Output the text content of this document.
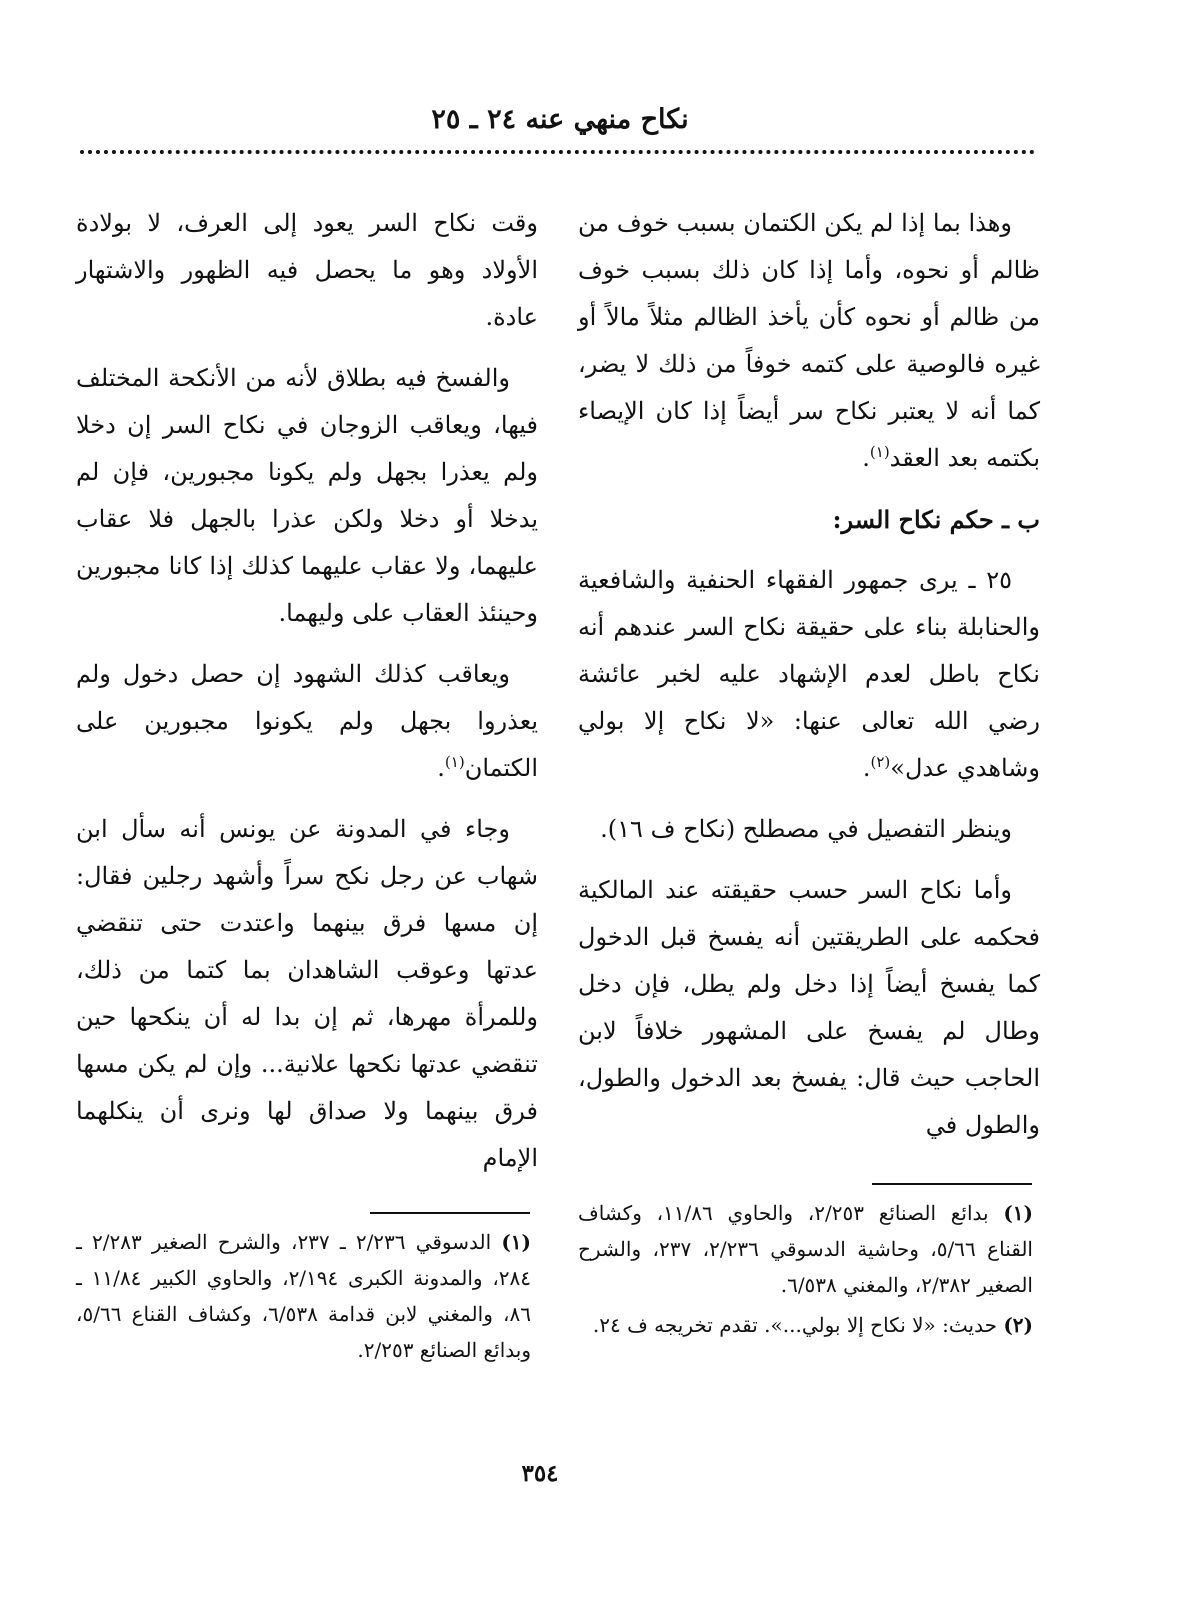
نكاح منهي عنه ٢٤ ـ ٢٥

وهذا بما إذا لم يكن الكتمان بسبب خوف من ظالم أو نحوه، وأما إذا كان ذلك بسبب خوف من ظالم أو نحوه كأن يأخذ الظالم مثلاً مالاً أو غيره فالوصية على كتمه خوفاً من ذلك لا يضر، كما أنه لا يعتبر نكاح سر أيضاً إذا كان الإيصاء بكتمه بعد العقد$^{(١)}$.

ب ـ حكم نكاح السر:

٢٥ ـ يرى جمهور الفقهاء الحنفية والشافعية والحنابلة بناء على حقيقة نكاح السر عندهم أنه نكاح باطل لعدم الإشهاد عليه لخبر عائشة رضي الله تعالى عنها: «لا نكاح إلا بولي وشاهدي عدل»$^{(٢)}$.

وينظر التفصيل في مصطلح (نكاح ف ١٦).

وأما نكاح السر حسب حقيقته عند المالكية فحكمه على الطريقتين أنه يفسخ قبل الدخول كما يفسخ أيضاً إذا دخل ولم يطل، فإن دخل وطال لم يفسخ على المشهور خلافاً لابن الحاجب حيث قال: يفسخ بعد الدخول والطول، والطول في

وقت نكاح السر يعود إلى العرف، لا بولادة الأولاد وهو ما يحصل فيه الظهور والاشتهار عادة.

والفسخ فيه بطلاق لأنه من الأنكحة المختلف فيها، ويعاقب الزوجان في نكاح السر إن دخلا ولم يعذرا بجهل ولم يكونا مجبورين، فإن لم يدخلا أو دخلا ولكن عذرا بالجهل فلا عقاب عليهما، ولا عقاب عليهما كذلك إذا كانا مجبورين وحينئذ العقاب على وليهما.

ويعاقب كذلك الشهود إن حصل دخول ولم يعذروا بجهل ولم يكونوا مجبورين على الكتمان$^{(١)}$.

وجاء في المدونة عن يونس أنه سأل ابن شهاب عن رجل نكح سراً وأشهد رجلين فقال: إن مسها فرق بينهما واعتدت حتى تنقضي عدتها وعوقب الشاهدان بما كتما من ذلك، وللمرأة مهرها، ثم إن بدا له أن ينكحها حين تنقضي عدتها نكحها علانية... وإن لم يكن مسها فرق بينهما ولا صداق لها ونرى أن ينكلهما الإمام

(١) بدائع الصنائع ٢/٢٥٣، والحاوي ١١/٨٦، وكشاف القناع ٥/٦٦، وحاشية الدسوقي ٢/٢٣٦، ٢٣٧، والشرح الصغير ٢/٣٨٢، والمغني ٦/٥٣٨.

(٢) حديث: «لا نكاح إلا بولي...». تقدم تخريجه ف ٢٤.

(١) الدسوقي ٢/٢٣٦ ـ ٢٣٧، والشرح الصغير ٢/٢٨٣ ـ ٢٨٤، والمدونة الكبرى ٢/١٩٤، والحاوي الكبير ١١/٨٤ ـ ٨٦، والمغني لابن قدامة ٦/٥٣٨، وكشاف القناع ٥/٦٦، وبدائع الصنائع ٢/٢٥٣.

٣٥٤
